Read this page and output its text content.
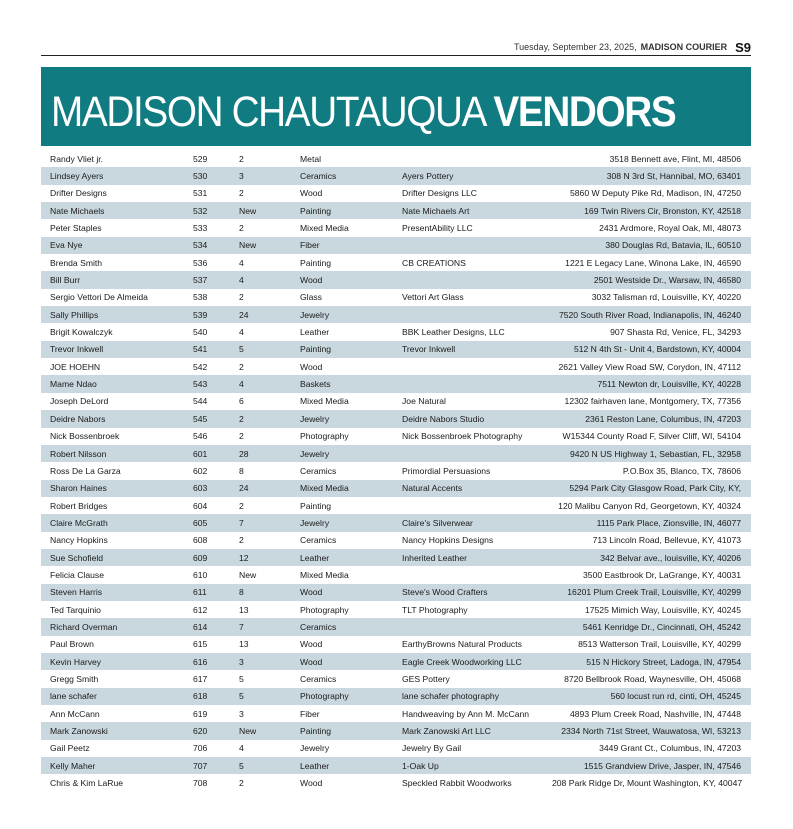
Tuesday, September 23, 2025, MADISON COURIER S9
MADISON CHAUTAUQUA VENDORS
Randy Vliet jr.	529	2	Metal		3518 Bennett ave, Flint, MI, 48506
Lindsey Ayers	530	3	Ceramics	Ayers Pottery	308 N 3rd St, Hannibal, MO, 63401
Drifter Designs	531	2	Wood	Drifter Designs LLC	5860 W Deputy Pike Rd, Madison, IN, 47250
Nate Michaels	532	New	Painting	Nate Michaels Art	169 Twin Rivers Cir, Bronston, KY, 42518
Peter Staples	533	2	Mixed Media	PresentAbility LLC	2431 Ardmore, Royal Oak, MI, 48073
Eva Nye	534	New	Fiber		380 Douglas Rd, Batavia, IL, 60510
Brenda Smith	536	4	Painting	CB CREATIONS	1221 E Legacy Lane, Winona Lake, IN, 46590
Bill Burr	537	4	Wood		2501 Westside Dr., Warsaw, IN, 46580
Sergio Vettori De Almeida	538	2	Glass	Vettori Art Glass	3032 Talisman rd, Louisville, KY, 40220
Sally Phillips	539	24	Jewelry		7520 South River Road, Indianapolis, IN, 46240
Brigit Kowalczyk	540	4	Leather	BBK Leather Designs, LLC	907 Shasta Rd, Venice, FL, 34293
Trevor Inkwell	541	5	Painting	Trevor Inkwell	512 N 4th St - Unit 4, Bardstown, KY, 40004
JOE HOEHN	542	2	Wood		2621 Valley View Road SW, Corydon, IN, 47112
Mame Ndao	543	4	Baskets		7511 Newton dr, Louisville, KY, 40228
Joseph DeLord	544	6	Mixed Media	Joe Natural	12302 fairhaven lane, Montgomery, TX, 77356
Deidre Nabors	545	2	Jewelry	Deidre Nabors Studio	2361 Reston Lane, Columbus, IN, 47203
Nick Bossenbroek	546	2	Photography	Nick Bossenbroek Photography	W15344 County Road F, Silver Cliff, WI, 54104
Robert Nilsson	601	28	Jewelry		9420 N US Highway 1, Sebastian, FL, 32958
Ross De La Garza	602	8	Ceramics	Primordial Persuasions	P.O.Box 35, Blanco, TX, 78606
Sharon Haines	603	24	Mixed Media	Natural Accents	5294 Park City Glasgow Road, Park City, KY,
Robert Bridges	604	2	Painting		120 Malibu Canyon Rd, Georgetown, KY, 40324
Claire McGrath	605	7	Jewelry	Claire's Silverwear	1115 Park Place, Zionsville, IN, 46077
Nancy Hopkins	608	2	Ceramics	Nancy Hopkins Designs	713 Lincoln Road, Bellevue, KY, 41073
Sue Schofield	609	12	Leather	Inherited Leather	342 Belvar ave., louisville, KY, 40206
Felicia Clause	610	New	Mixed Media		3500 Eastbrook Dr, LaGrange, KY, 40031
Steven Harris	611	8	Wood	Steve's Wood Crafters	16201 Plum Creek Trail, Louisville, KY, 40299
Ted Tarquinio	612	13	Photography	TLT Photography	17525 Mimich Way, Louisville, KY, 40245
Richard Overman	614	7	Ceramics		5461 Kenridge Dr., Cincinnati, OH, 45242
Paul Brown	615	13	Wood	EarthyBrowns Natural Products	8513 Watterson Trail, Louisville, KY, 40299
Kevin Harvey	616	3	Wood	Eagle Creek Woodworking LLC	515 N Hickory Street, Ladoga, IN, 47954
Gregg Smith	617	5	Ceramics	GES Pottery	8720 Bellbrook Road, Waynesville, OH, 45068
lane schafer	618	5	Photography	lane schafer photography	560 locust run rd, cinti, OH, 45245
Ann McCann	619	3	Fiber	Handweaving by Ann M. McCann	4893 Plum Creek Road, Nashville, IN, 47448
Mark Zanowski	620	New	Painting	Mark Zanowski Art LLC	2334 North 71st Street, Wauwatosa, WI, 53213
Gail Peetz	706	4	Jewelry	Jewelry By Gail	3449 Grant Ct., Columbus, IN, 47203
Kelly Maher	707	5	Leather	1-Oak Up	1515 Grandview Drive, Jasper, IN, 47546
Chris & Kim LaRue	708	2	Wood	Speckled Rabbit Woodworks	208 Park Ridge Dr, Mount Washington, KY, 40047
